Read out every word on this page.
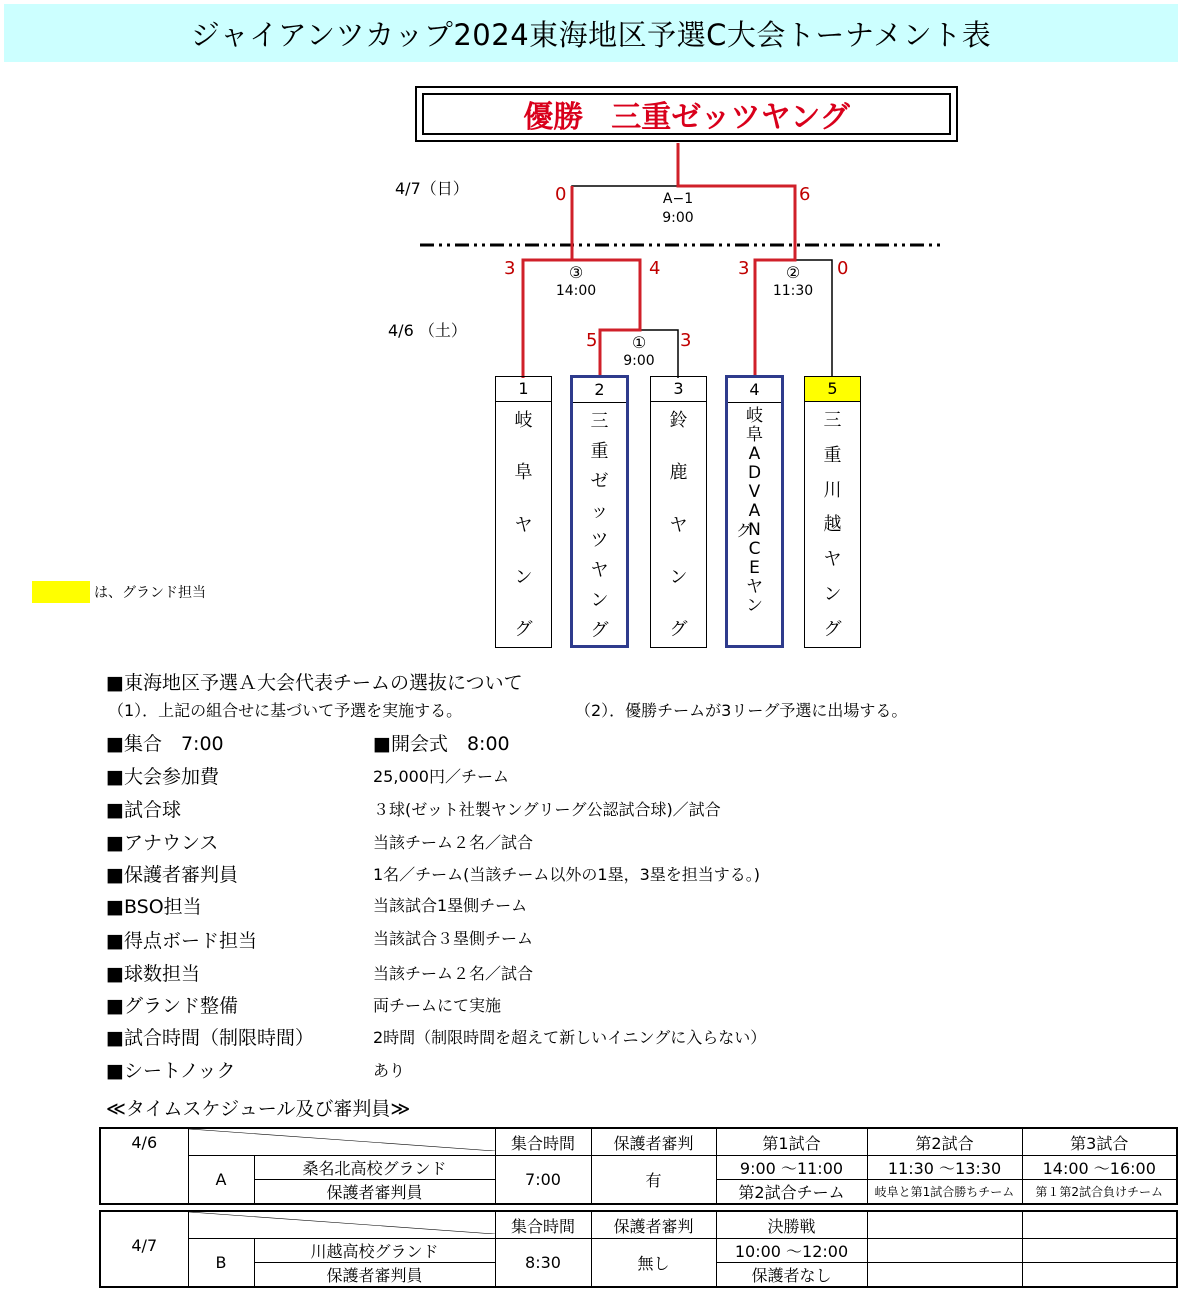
ジャイアンツカップ2024東海地区予選C大会トーナメント表
優勝 三重ゼッツヤング
4/7（日）
4/6 （土）
0	6
A−1
9:00
3	4
③
14:00
3	0
②
11:30
5	3
①
9:00
1
岐
阜
ヤ
ン
グ
2
三
重
ゼ
ッ
ツ
ヤ
ン
グ
3
鈴
鹿
ヤ
ン
グ
4
岐
阜
A
D
V
A
N
C
E
ヤ
ン
グ
5
三
重
川
越
ヤ
ン
グ
は、グランド担当
■東海地区予選Ａ大会代表チームの選抜について
（1）．上記の組合せに基づいて予選を実施する。	（2）．優勝チームが3リーグ予選に出場する。
■集合　7:00	■開会式　8:00
■大会参加費	25,000円／チーム
■試合球	３球(ゼット社製ヤングリーグ公認試合球)／試合
■アナウンス	当該チーム２名／試合
■保護者審判員	1名／チーム(当該チーム以外の1塁，3塁を担当する。)
■BSO担当	当該試合1塁側チーム
■得点ボード担当	当該試合３塁側チーム
■球数担当	当該チーム２名／試合
■グランド整備	両チームにて実施
■試合時間（制限時間）	2時間（制限時間を超えて新しいイニングに入らない）
■シートノック	あり
≪タイムスケジュール及び審判員≫
4/6			集合時間	保護者審判	第1試合	第2試合	第3試合
	A	桑名北高校グランド	7:00	有	9:00 〜11:00	11:30 〜13:30	14:00 〜16:00
		保護者審判員			第2試合チーム	岐阜と第1試合勝ちチーム	第１第2試合負けチーム
4/7			集合時間	保護者審判	決勝戦		
	B	川越高校グランド	8:30	無し	10:00 〜12:00		
		保護者審判員			保護者なし		
